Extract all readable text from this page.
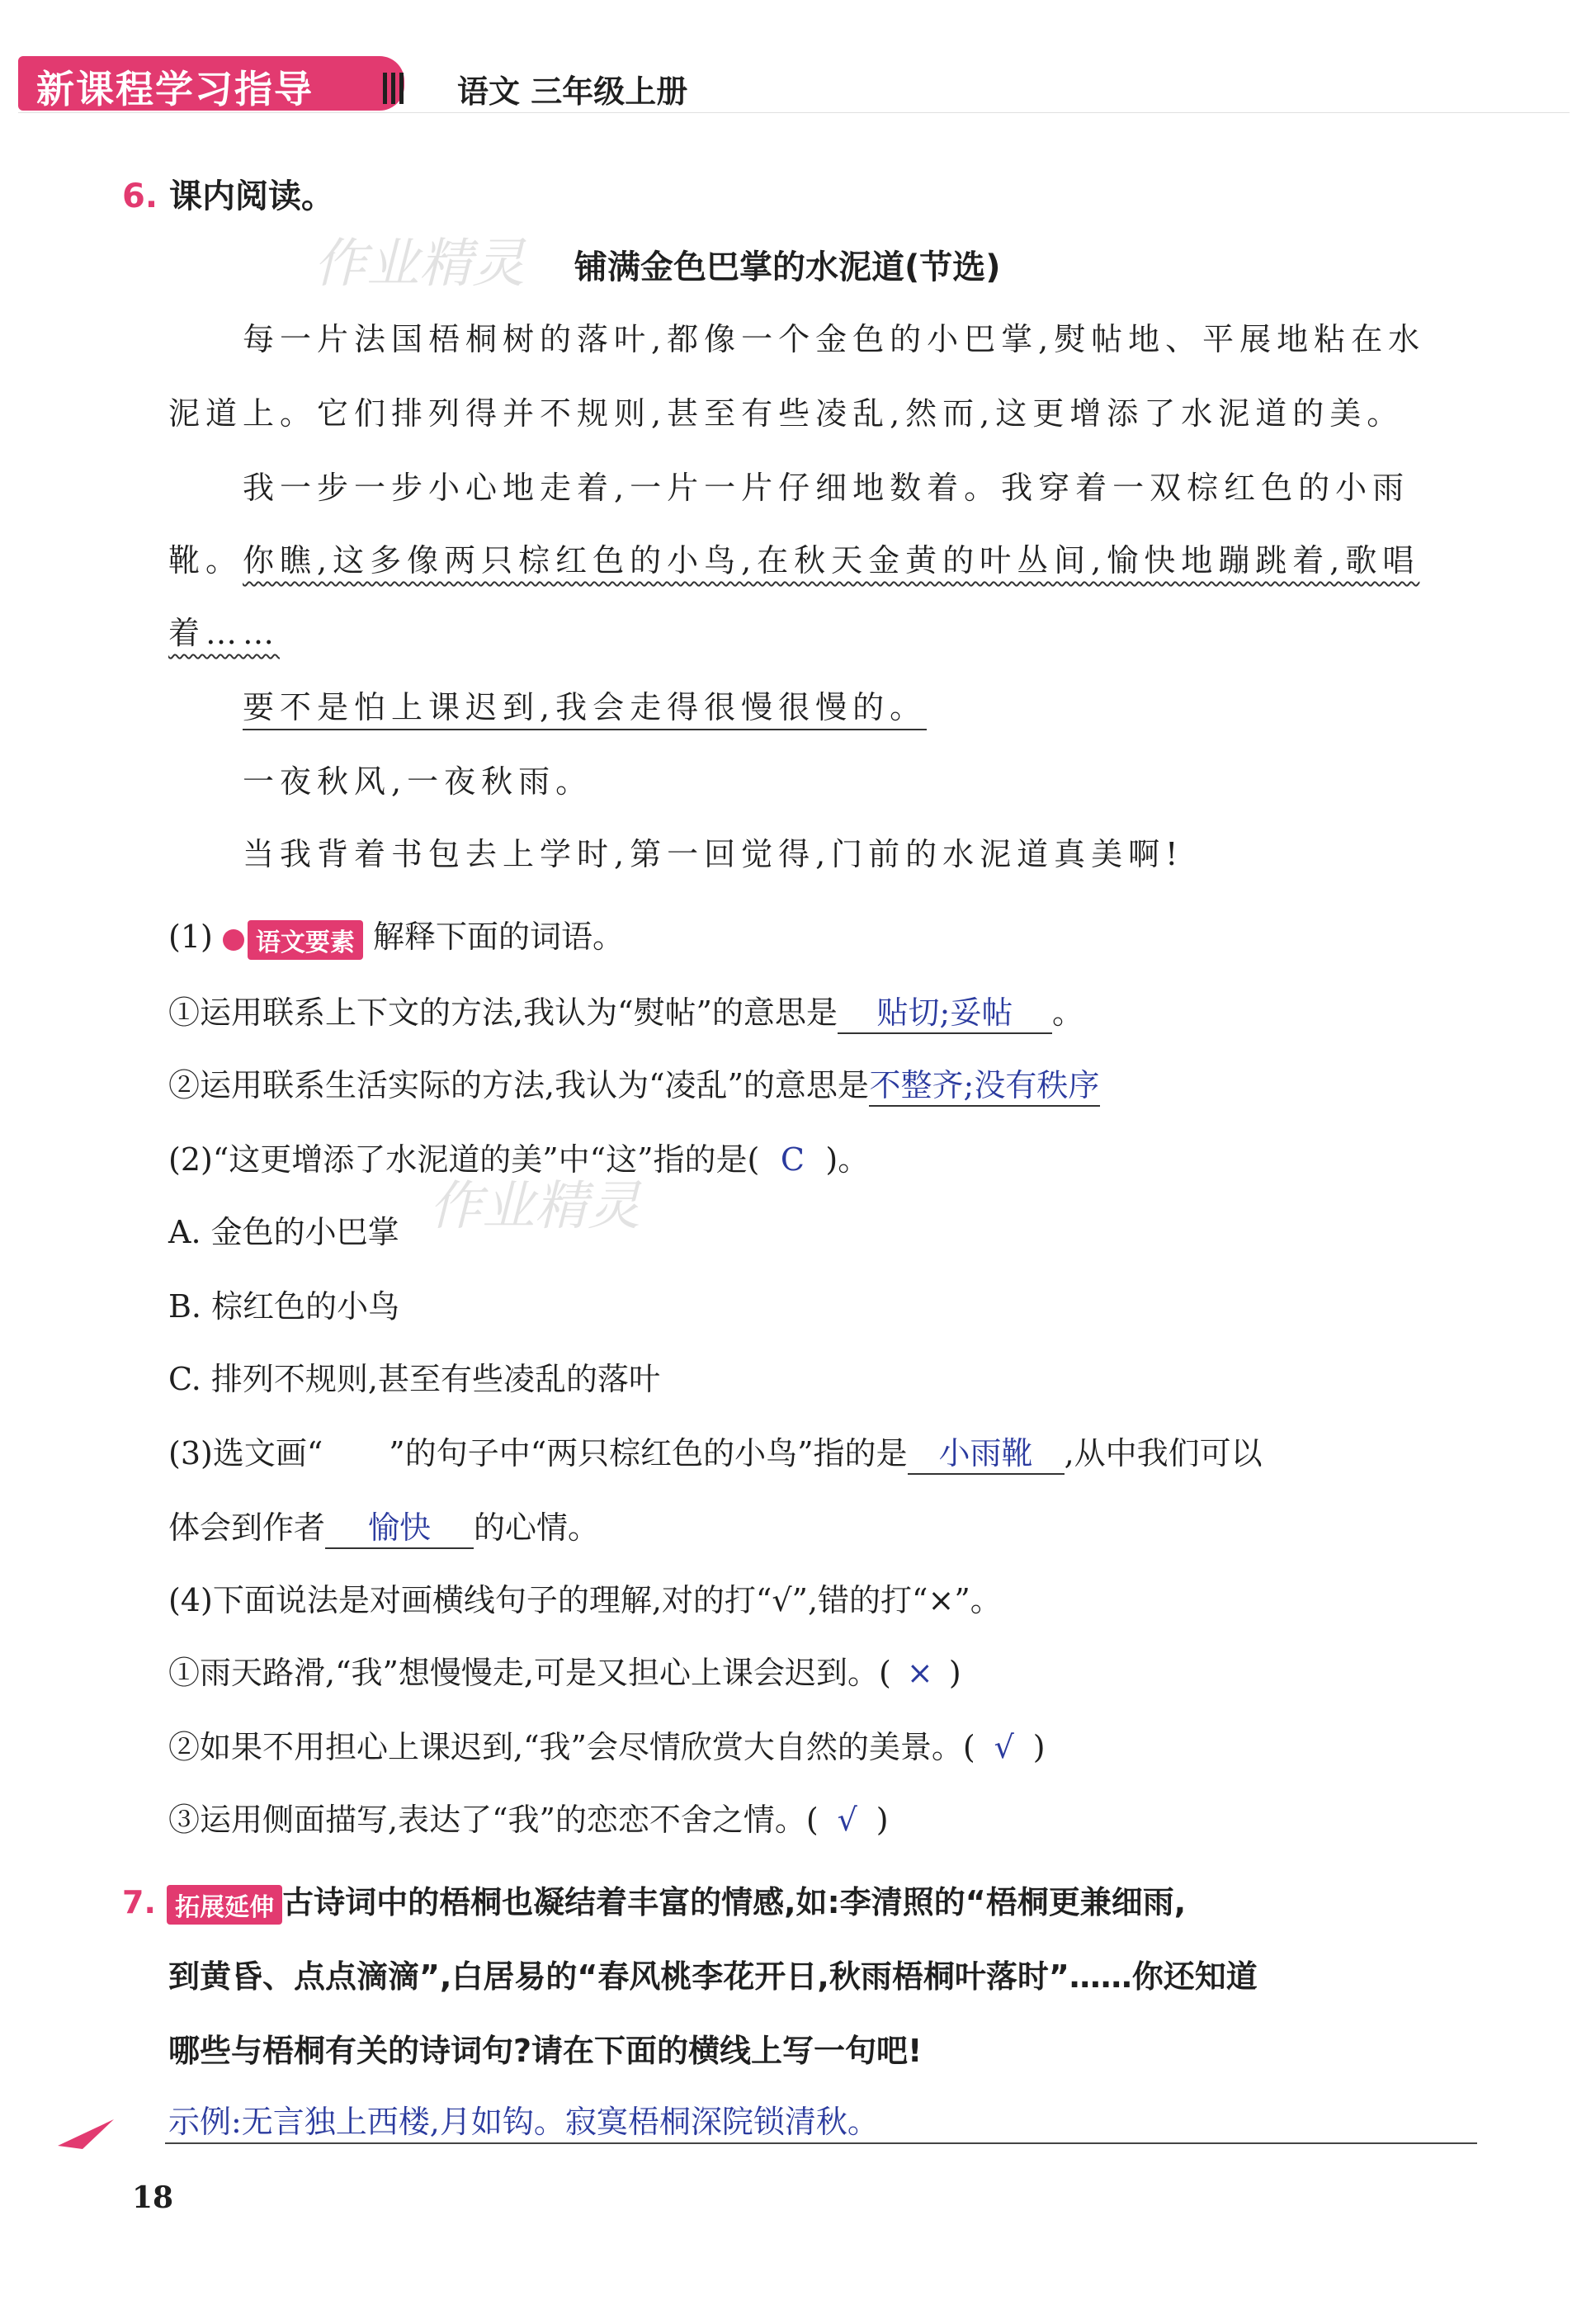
新课程学习指导	语文 三年级上册
作业精灵
作业精灵
6. 课内阅读。
铺满金色巴掌的水泥道(节选)
每一片法国梧桐树的落叶,都像一个金色的小巴掌,熨帖地、平展地粘在水
泥道上。它们排列得并不规则,甚至有些凌乱,然而,这更增添了水泥道的美。
我一步一步小心地走着,一片一片仔细地数着。我穿着一双棕红色的小雨
靴。你瞧,这多像两只棕红色的小鸟,在秋天金黄的叶丛间,愉快地蹦跳着,歌唱
着……
要不是怕上课迟到,我会走得很慢很慢的。
一夜秋风,一夜秋雨。
当我背着书包去上学时,第一回觉得,门前的水泥道真美啊!
(1) 语文要素 解释下面的词语。
①运用联系上下文的方法,我认为“熨帖”的意思是 贴切;妥帖 。
②运用联系生活实际的方法,我认为“凌乱”的意思是不整齐;没有秩序
(2)“这更增添了水泥道的美”中“这”指的是( C )。
A. 金色的小巴掌
B. 棕红色的小鸟
C. 排列不规则,甚至有些凌乱的落叶
(3)选文画“ ”的句子中“两只棕红色的小鸟”指的是 小雨靴 ,从中我们可以
体会到作者 愉快 的心情。
(4)下面说法是对画横线句子的理解,对的打“√”,错的打“×”。
①雨天路滑,“我”想慢慢走,可是又担心上课会迟到。( × )
②如果不用担心上课迟到,“我”会尽情欣赏大自然的美景。( √ )
③运用侧面描写,表达了“我”的恋恋不舍之情。( √ )
7. 拓展延伸 古诗词中的梧桐也凝结着丰富的情感,如:李清照的“梧桐更兼细雨,
到黄昏、点点滴滴”,白居易的“春风桃李花开日,秋雨梧桐叶落时”……你还知道
哪些与梧桐有关的诗词句?请在下面的横线上写一句吧!
示例:无言独上西楼,月如钩。寂寞梧桐深院锁清秋。
18
